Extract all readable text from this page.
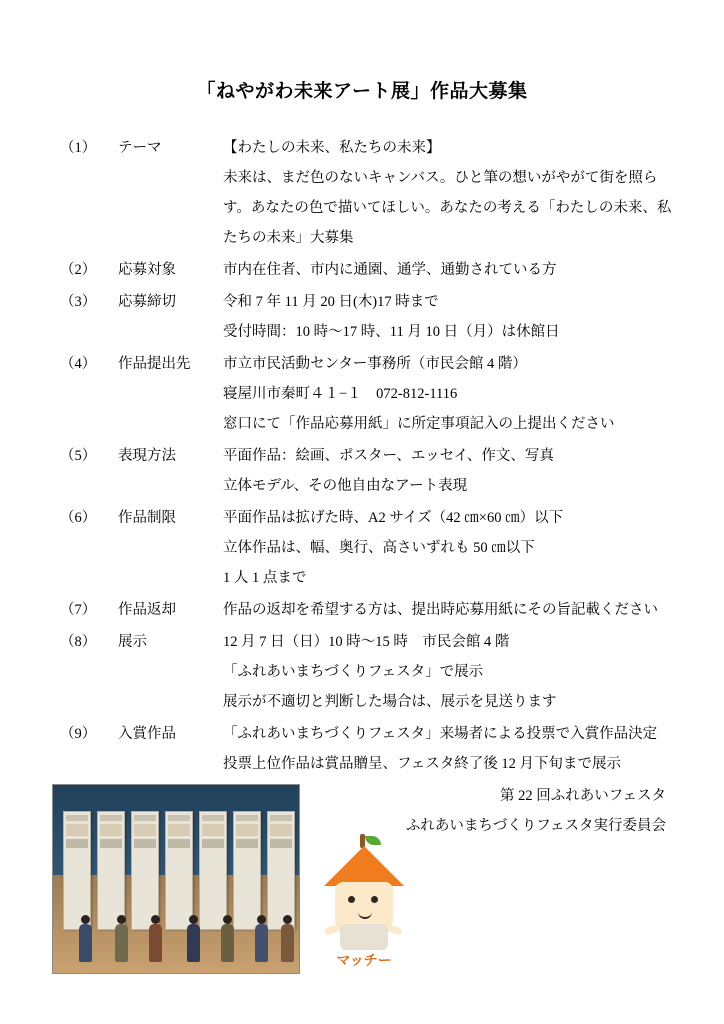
「ねやがわ未来アート展」作品大募集
（1）	テーマ	【わたしの未来、私たちの未来】
未来は、まだ色のないキャンバス。ひと筆の想いがやがて街を照らす。あなたの色で描いてほしい。あなたの考える「わたしの未来、私たちの未来」大募集
（2）	応募対象	市内在住者、市内に通園、通学、通勤されている方
（3）	応募締切	令和 7 年 11 月 20 日(木)17 時まで
受付時間：10 時〜17 時、11 月 10 日（月）は休館日
（4）	作品提出先	市立市民活動センター事務所（市民会館 4 階）
寝屋川市秦町４１−１　072-812-1116
窓口にて「作品応募用紙」に所定事項記入の上提出ください
（5）	表現方法	平面作品：絵画、ポスター、エッセイ、作文、写真
立体モデル、その他自由なアート表現
（6）	作品制限	平面作品は拡げた時、A2 サイズ（42 ㎝×60 ㎝）以下
立体作品は、幅、奥行、高さいずれも 50 ㎝以下
1 人 1 点まで
（7）	作品返却	作品の返却を希望する方は、提出時応募用紙にその旨記載ください
（8）	展示	12 月 7 日（日）10 時〜15 時　市民会館 4 階
「ふれあいまちづくりフェスタ」で展示
展示が不適切と判断した場合は、展示を見送ります
（9）	入賞作品	「ふれあいまちづくりフェスタ」来場者による投票で入賞作品決定
投票上位作品は賞品贈呈、フェスタ終了後 12 月下旬まで展示
第 22 回ふれあいフェスタ
ふれあいまちづくりフェスタ実行委員会
マッチー
